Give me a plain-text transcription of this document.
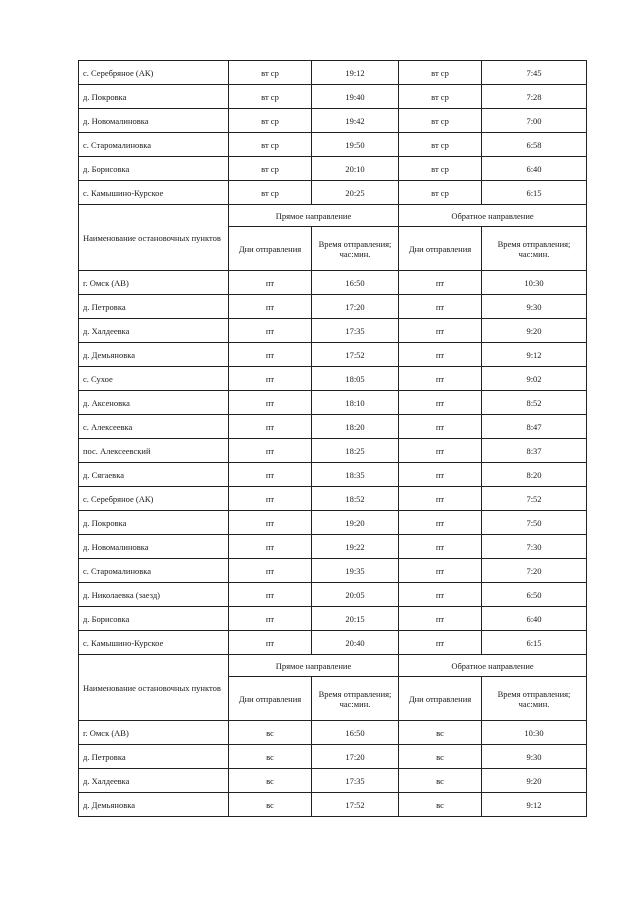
с. Серебряное (АК)	вт ср	19:12	вт ср	7:45
д. Покровка	вт ср	19:40	вт ср	7:28
д. Новомалиновка	вт ср	19:42	вт ср	7:00
с. Старомалиновка	вт ср	19:50	вт ср	6:58
д. Борисовка	вт ср	20:10	вт ср	6:40
с. Камышино-Курское	вт ср	20:25	вт ср	6:15
Наименование остановочных пунктов	Прямое направление		Обратное направление	
	Дни отправления	Время отправления; час:мин.	Дни отправления	Время отправления; час:мин.
г. Омск (АВ)	пт	16:50	пт	10:30
д. Петровка	пт	17:20	пт	9:30
д. Халдеевка	пт	17:35	пт	9:20
д. Демьяновка	пт	17:52	пт	9:12
с. Сухое	пт	18:05	пт	9:02
д. Аксеновка	пт	18:10	пт	8:52
с. Алексеевка	пт	18:20	пт	8:47
пос. Алексеевский	пт	18:25	пт	8:37
д. Сягаевка	пт	18:35	пт	8:20
с. Серебряное (АК)	пт	18:52	пт	7:52
д. Покровка	пт	19:20	пт	7:50
д. Новомалиновка	пт	19:22	пт	7:30
с. Старомалиновка	пт	19:35	пт	7:20
д. Николаевка (заезд)	пт	20:05	пт	6:50
д. Борисовка	пт	20:15	пт	6:40
с. Камышино-Курское	пт	20:40	пт	6:15
Наименование остановочных пунктов	Прямое направление		Обратное направление	
	Дни отправления	Время отправления; час:мин.	Дни отправления	Время отправления; час:мин.
г. Омск (АВ)	вс	16:50	вс	10:30
д. Петровка	вс	17:20	вс	9:30
д. Халдеевка	вс	17:35	вс	9:20
д. Демьяновка	вс	17:52	вс	9:12
